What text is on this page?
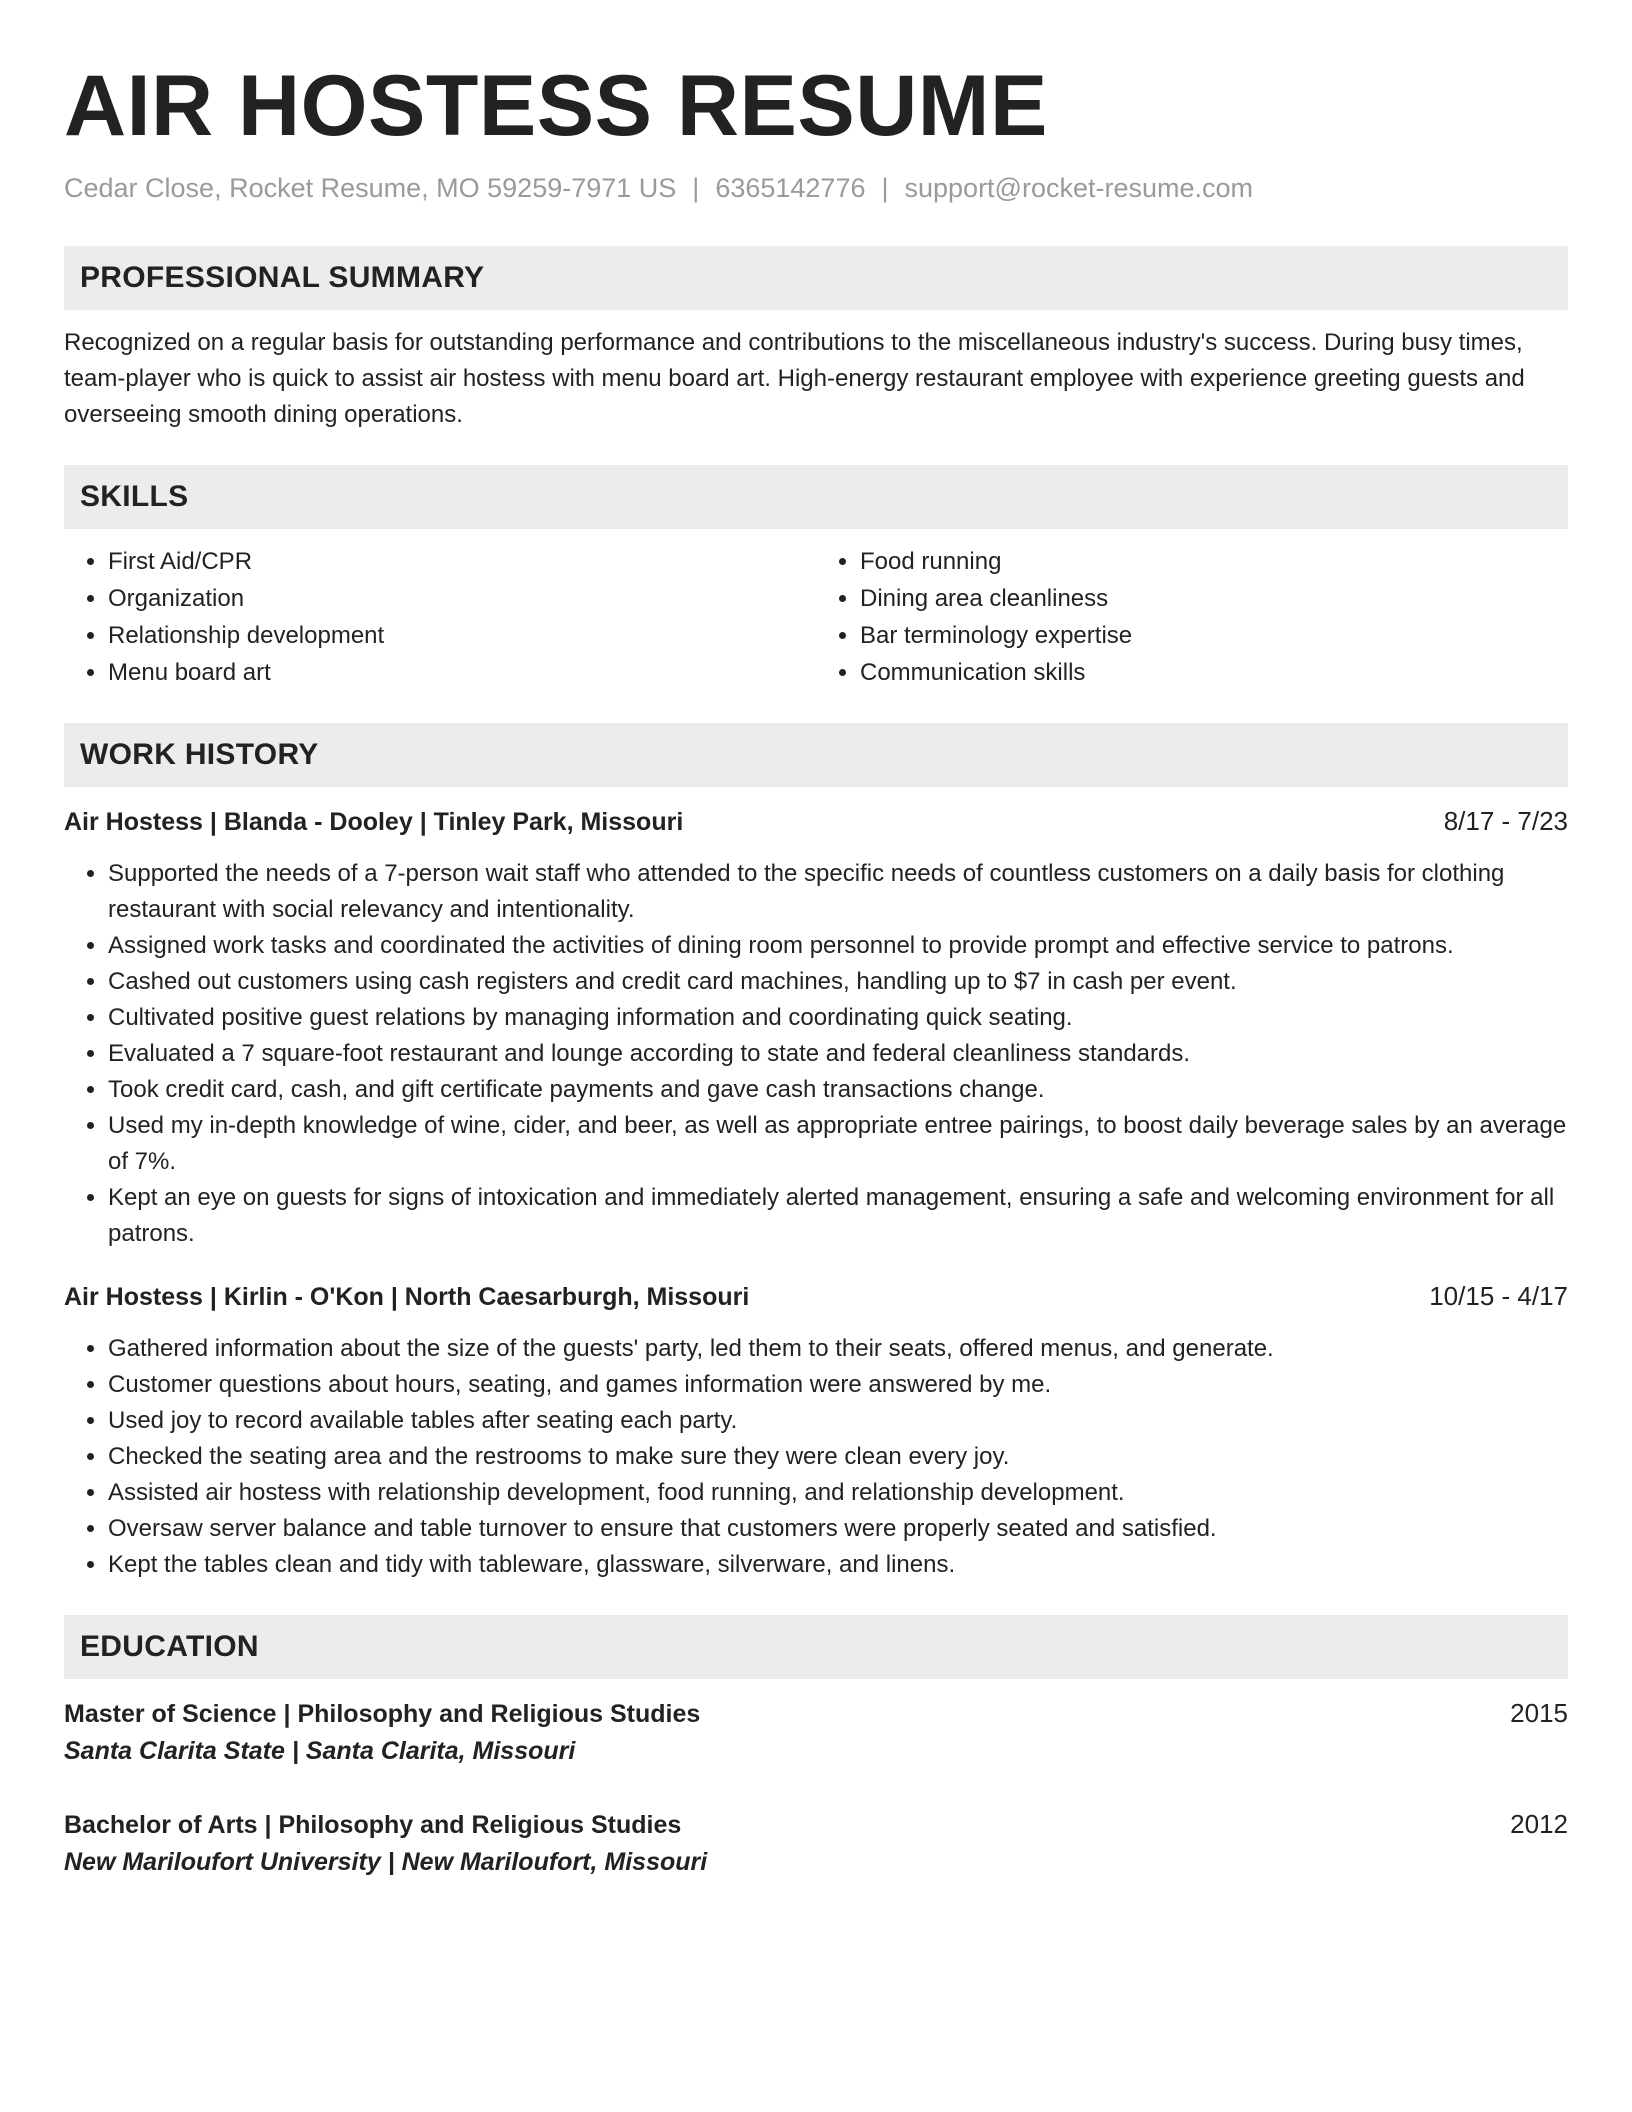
AIR HOSTESS RESUME
Cedar Close, Rocket Resume, MO 59259-7971 US | 6365142776 | support@rocket-resume.com
PROFESSIONAL SUMMARY

Recognized on a regular basis for outstanding performance and contributions to the miscellaneous industry's success. During busy times, team-player who is quick to assist air hostess with menu board art. High-energy restaurant employee with experience greeting guests and overseeing smooth dining operations.

SKILLS
• First Aid/CPR
• Organization
• Relationship development
• Menu board art
• Food running
• Dining area cleanliness
• Bar terminology expertise
• Communication skills
WORK HISTORY
Air Hostess | Blanda - Dooley | Tinley Park, Missouri	8/17 - 7/23
• Supported the needs of a 7-person wait staff who attended to the specific needs of countless customers on a daily basis for clothing restaurant with social relevancy and intentionality.
• Assigned work tasks and coordinated the activities of dining room personnel to provide prompt and effective service to patrons.
• Cashed out customers using cash registers and credit card machines, handling up to $7 in cash per event.
• Cultivated positive guest relations by managing information and coordinating quick seating.
• Evaluated a 7 square-foot restaurant and lounge according to state and federal cleanliness standards.
• Took credit card, cash, and gift certificate payments and gave cash transactions change.
• Used my in-depth knowledge of wine, cider, and beer, as well as appropriate entree pairings, to boost daily beverage sales by an average of 7%.
• Kept an eye on guests for signs of intoxication and immediately alerted management, ensuring a safe and welcoming environment for all patrons.
Air Hostess | Kirlin - O'Kon | North Caesarburgh, Missouri	10/15 - 4/17
• Gathered information about the size of the guests' party, led them to their seats, offered menus, and generate.
• Customer questions about hours, seating, and games information were answered by me.
• Used joy to record available tables after seating each party.
• Checked the seating area and the restrooms to make sure they were clean every joy.
• Assisted air hostess with relationship development, food running, and relationship development.
• Oversaw server balance and table turnover to ensure that customers were properly seated and satisfied.
• Kept the tables clean and tidy with tableware, glassware, silverware, and linens.
EDUCATION
Master of Science | Philosophy and Religious Studies	2015
Santa Clarita State | Santa Clarita, Missouri
Bachelor of Arts | Philosophy and Religious Studies	2012
New Mariloufort University | New Mariloufort, Missouri
